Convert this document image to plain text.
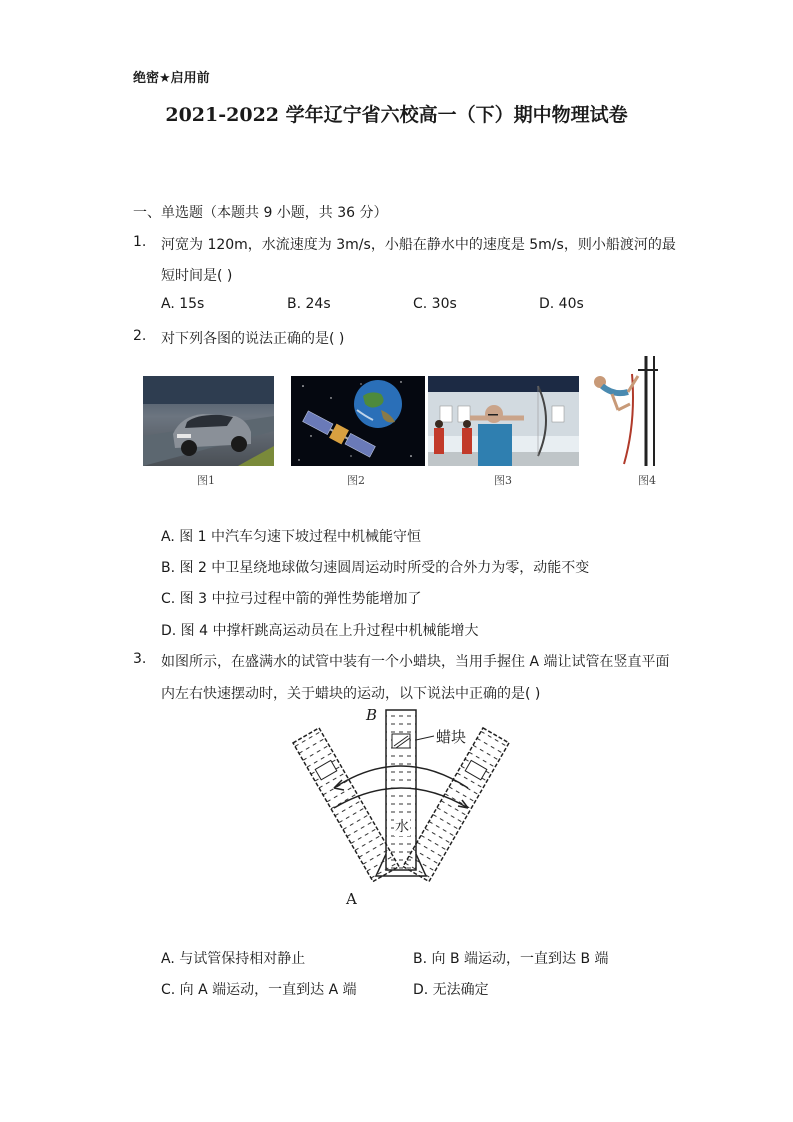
绝密★启用前
2021-2022 学年辽宁省六校高一（下）期中物理试卷
一、单选题（本题共 9 小题，共 36 分）
1. 河宽为 120m，水流速度为 3m/s，小船在静水中的速度是 5m/s，则小船渡河的最
短时间是( )
A. 15s	B. 24s	C. 30s	D. 40s
2. 对下列各图的说法正确的是( )
图1	图2	图3	图4
A. 图 1 中汽车匀速下坡过程中机械能守恒
B. 图 2 中卫星绕地球做匀速圆周运动时所受的合外力为零，动能不变
C. 图 3 中拉弓过程中箭的弹性势能增加了
D. 图 4 中撑杆跳高运动员在上升过程中机械能增大
3. 如图所示，在盛满水的试管中装有一个小蜡块，当用手握住 A 端让试管在竖直平面
内左右快速摆动时，关于蜡块的运动，以下说法中正确的是( )
B
A
蜡块
水
A. 与试管保持相对静止	B. 向 B 端运动，一直到达 B 端
C. 向 A 端运动，一直到达 A 端	D. 无法确定
